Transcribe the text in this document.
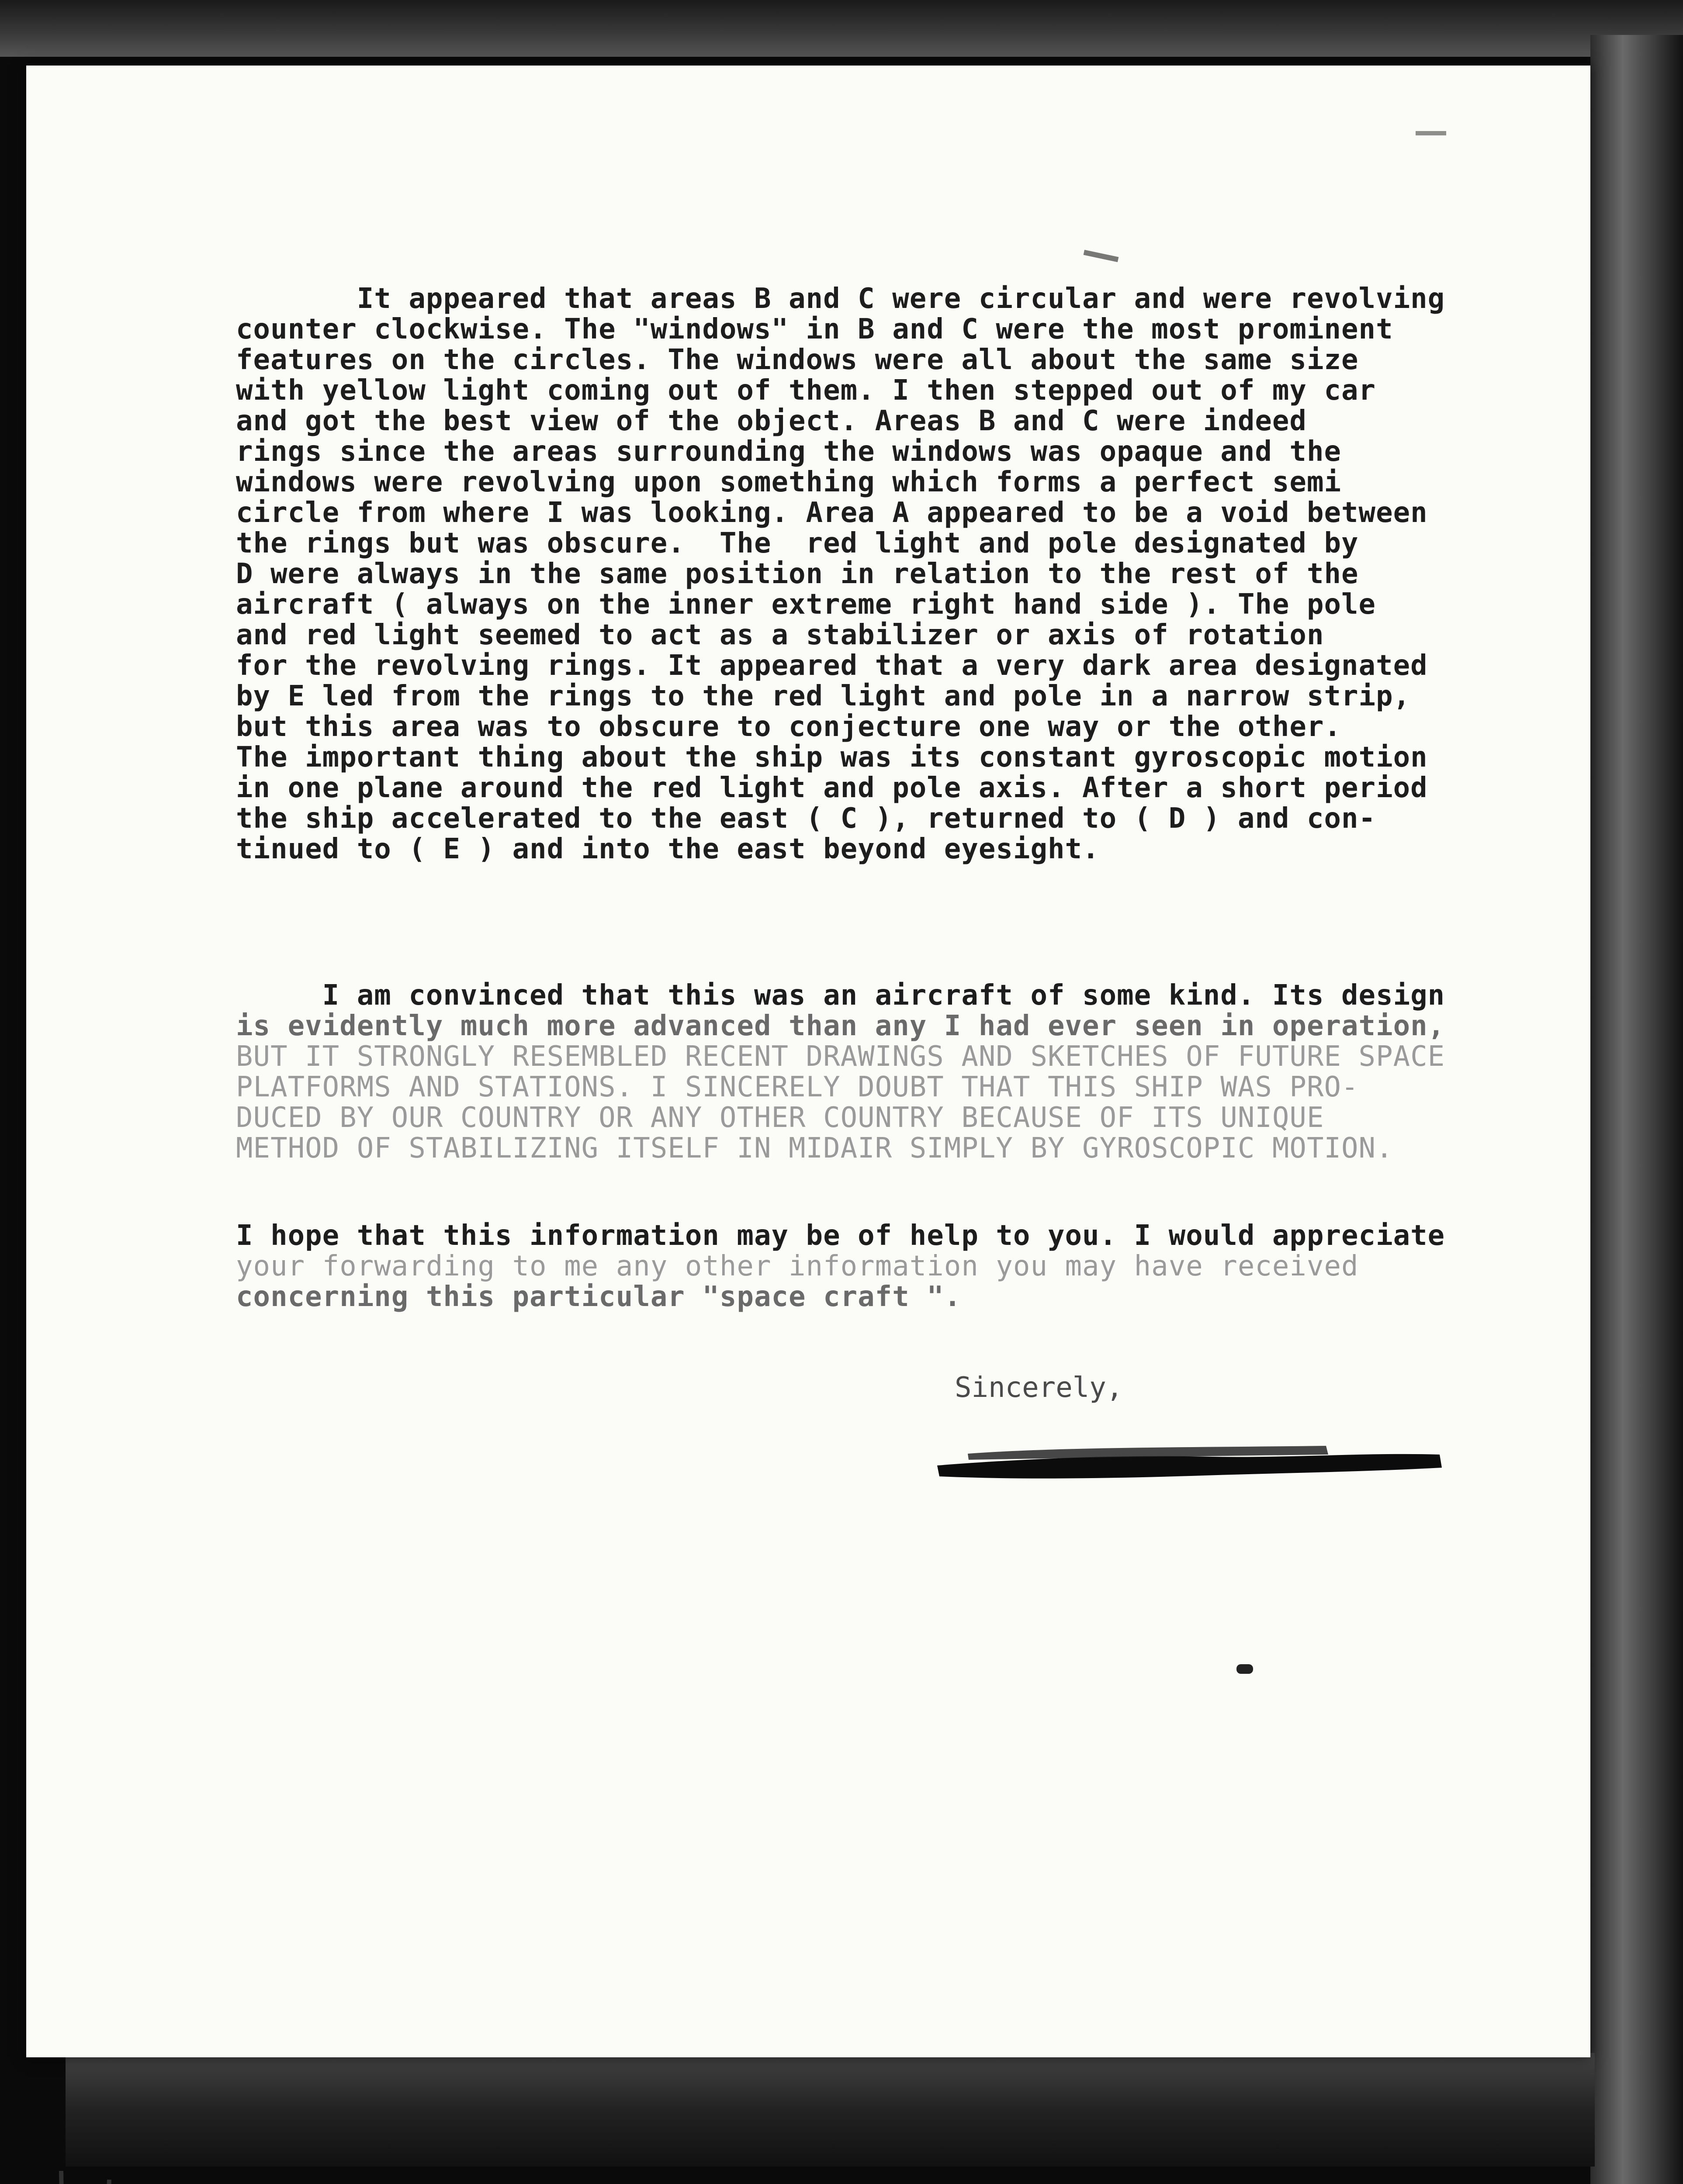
It appeared that areas B and C were circular and were revolving
counter clockwise. The "windows" in B and C were the most prominent
features on the circles. The windows were all about the same size
with yellow light coming out of them. I then stepped out of my car
and got the best view of the object. Areas B and C were indeed
rings since the areas surrounding the windows was opaque and the
windows were revolving upon something which forms a perfect semi
circle from where I was looking. Area A appeared to be a void between
the rings but was obscure.  The  red light and pole designated by
D were always in the same position in relation to the rest of the
aircraft ( always on the inner extreme right hand side ). The pole
and red light seemed to act as a stabilizer or axis of rotation
for the revolving rings. It appeared that a very dark area designated
by E led from the rings to the red light and pole in a narrow strip,
but this area was to obscure to conjecture one way or the other.
The important thing about the ship was its constant gyroscopic motion
in one plane around the red light and pole axis. After a short period
the ship accelerated to the east ( C ), returned to ( D ) and con-
tinued to ( E ) and into the east beyond eyesight.
I am convinced that this was an aircraft of some kind. Its design
is evidently much more advanced than any I had ever seen in operation,
BUT IT STRONGLY RESEMBLED RECENT DRAWINGS AND SKETCHES OF FUTURE SPACE
PLATFORMS AND STATIONS. I SINCERELY DOUBT THAT THIS SHIP WAS PRO-
DUCED BY OUR COUNTRY OR ANY OTHER COUNTRY BECAUSE OF ITS UNIQUE
METHOD OF STABILIZING ITSELF IN MIDAIR SIMPLY BY GYROSCOPIC MOTION.
I hope that this information may be of help to you. I would appreciate
your forwarding to me any other information you may have received
concerning this particular "space craft ".
Sincerely,
